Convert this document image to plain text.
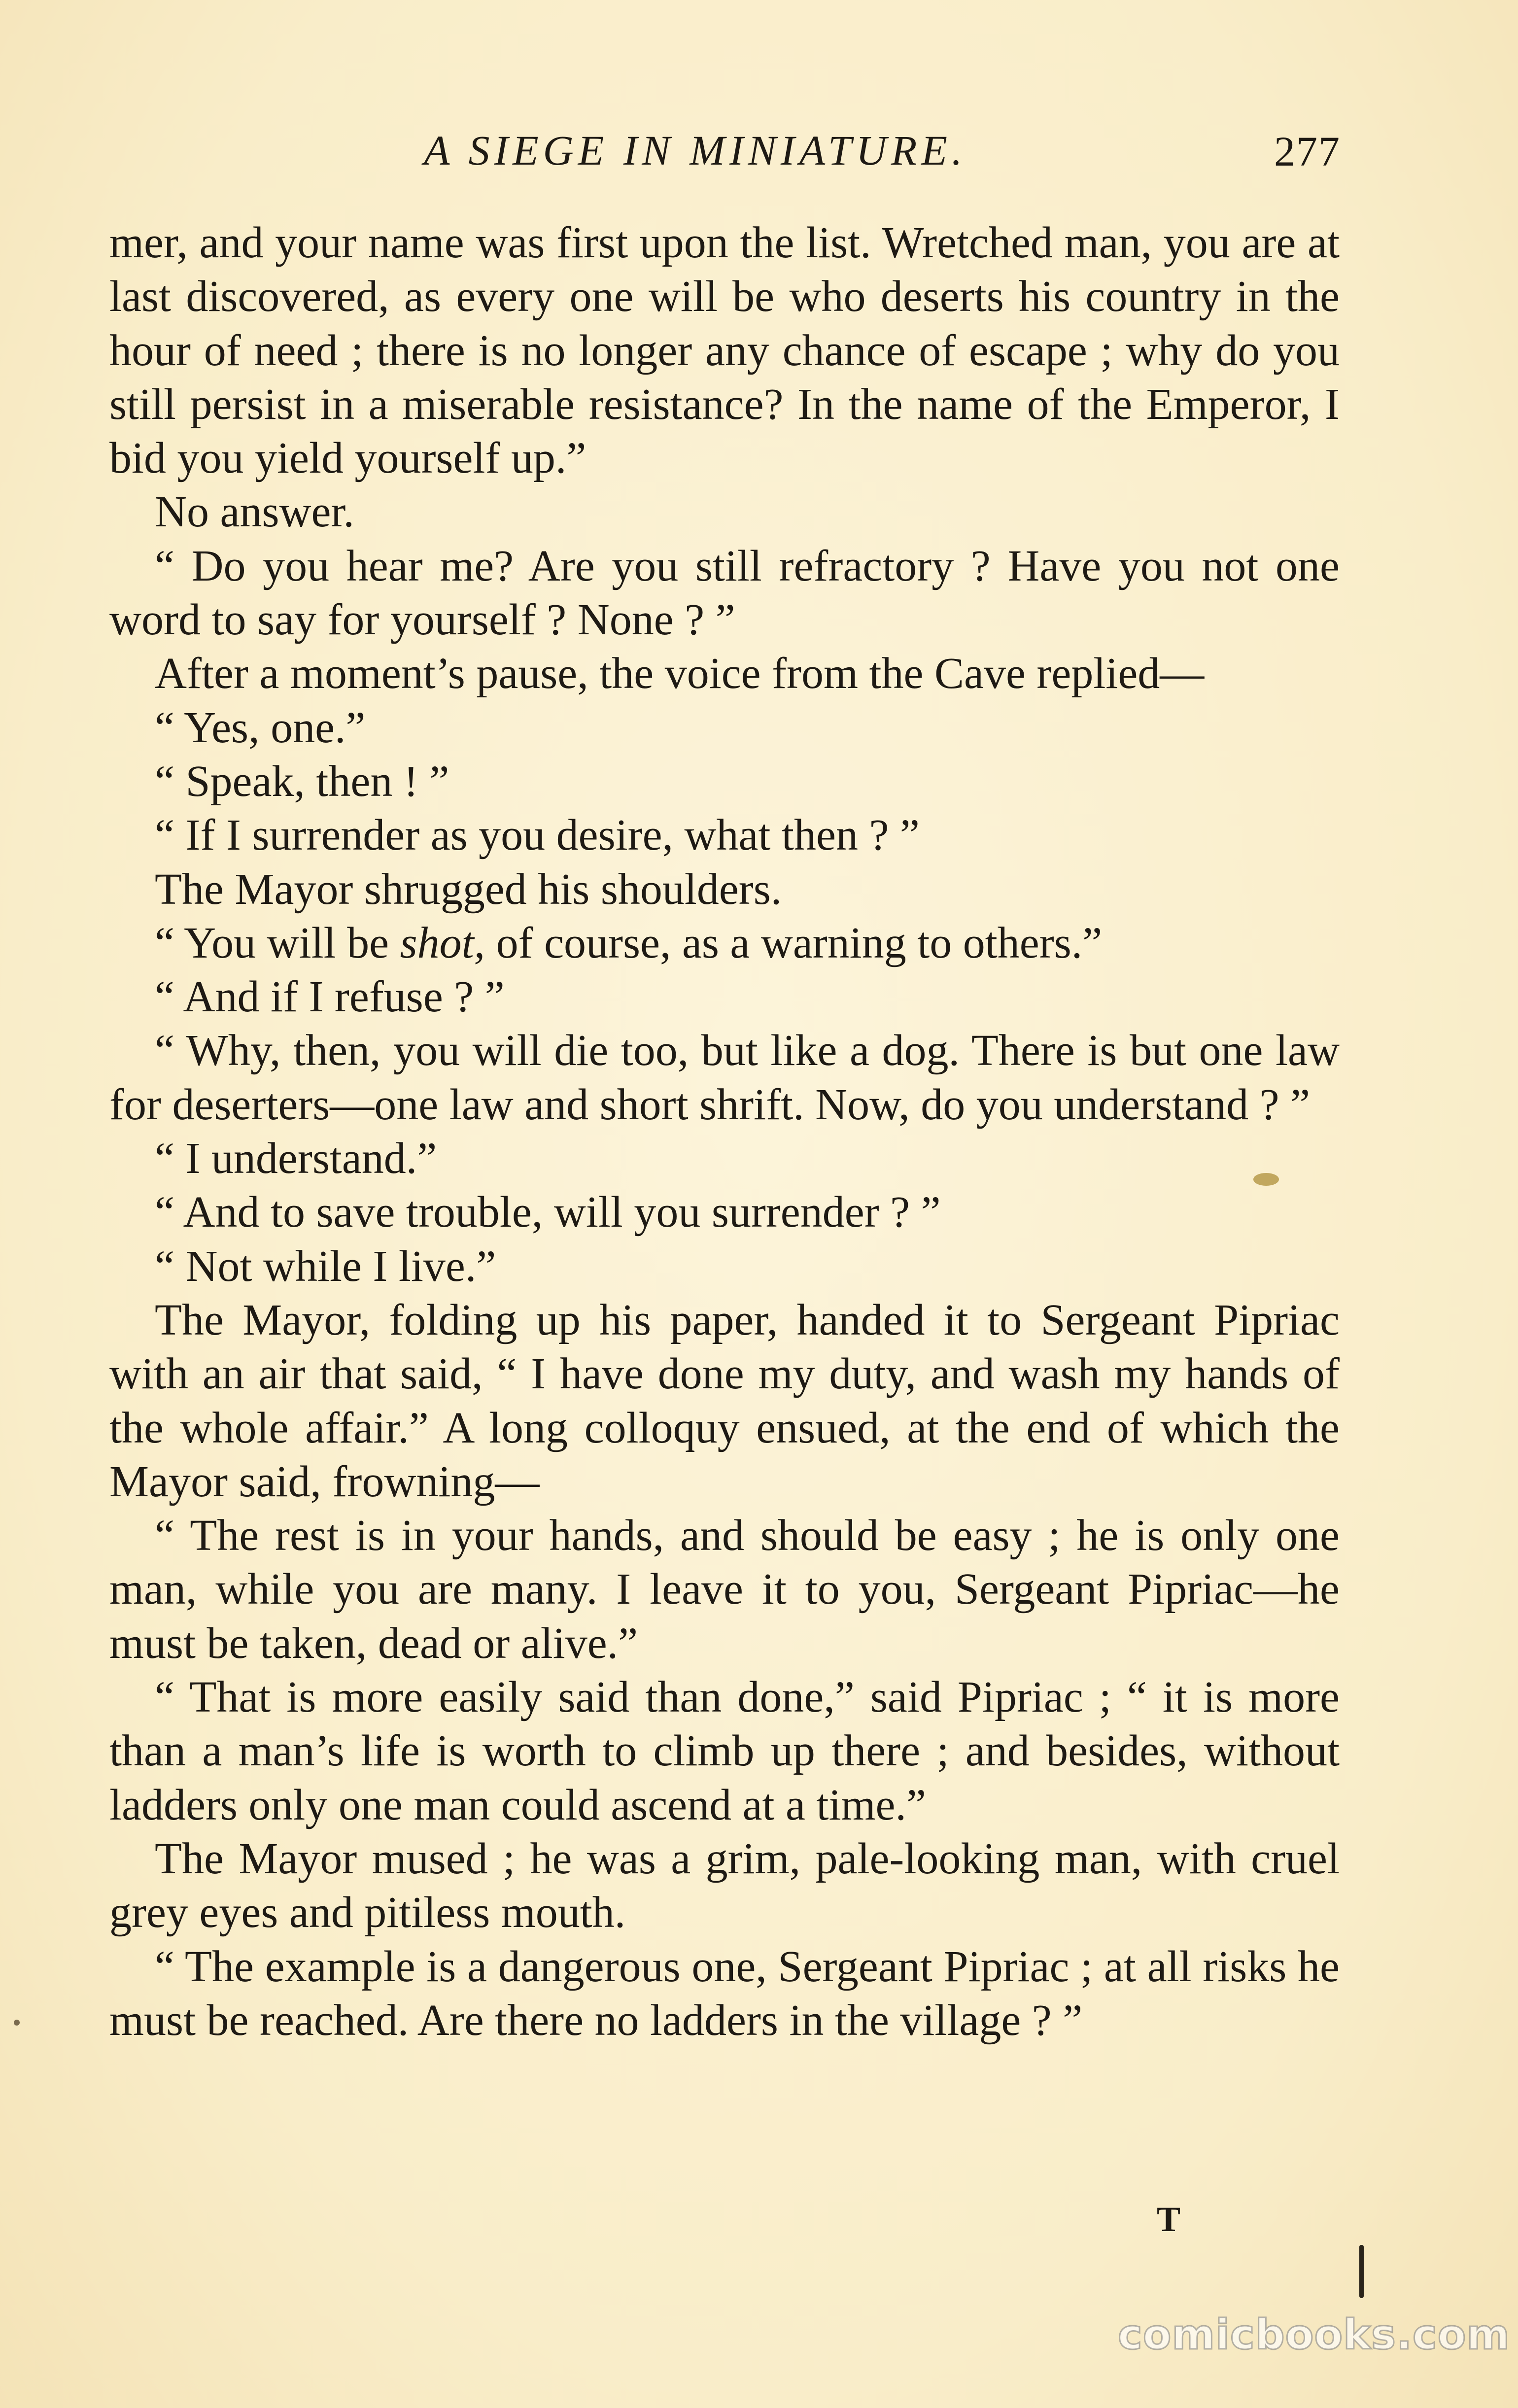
A SIEGE IN MINIATURE.	277

mer, and your name was first upon the list. Wretched man, you are at last discovered, as every one will be who deserts his country in the hour of need ; there is no longer any chance of escape ; why do you still persist in a miserable resistance? In the name of the Emperor, I bid you yield yourself up.”

No answer.

“ Do you hear me? Are you still refractory ? Have you not one word to say for yourself ? None ? ”

After a moment’s pause, the voice from the Cave replied—

“ Yes, one.”

“ Speak, then ! ”

“ If I surrender as you desire, what then ? ”

The Mayor shrugged his shoulders.

“ You will be shot, of course, as a warning to others.”

“ And if I refuse ? ”

“ Why, then, you will die too, but like a dog. There is but one law for deserters—one law and short shrift. Now, do you understand ? ”

“ I understand.”

“ And to save trouble, will you surrender ? ”

“ Not while I live.”

The Mayor, folding up his paper, handed it to Sergeant Pipriac with an air that said, “ I have done my duty, and wash my hands of the whole affair.” A long colloquy ensued, at the end of which the Mayor said, frowning—

“ The rest is in your hands, and should be easy ; he is only one man, while you are many. I leave it to you, Sergeant Pipriac—he must be taken, dead or alive.”

“ That is more easily said than done,” said Pipriac ; “ it is more than a man’s life is worth to climb up there ; and besides, without ladders only one man could ascend at a time.”

The Mayor mused ; he was a grim, pale-looking man, with cruel grey eyes and pitiless mouth.

“ The example is a dangerous one, Sergeant Pipriac ; at all risks he must be reached. Are there no ladders in the village ? ”

T
comicbooks.com
